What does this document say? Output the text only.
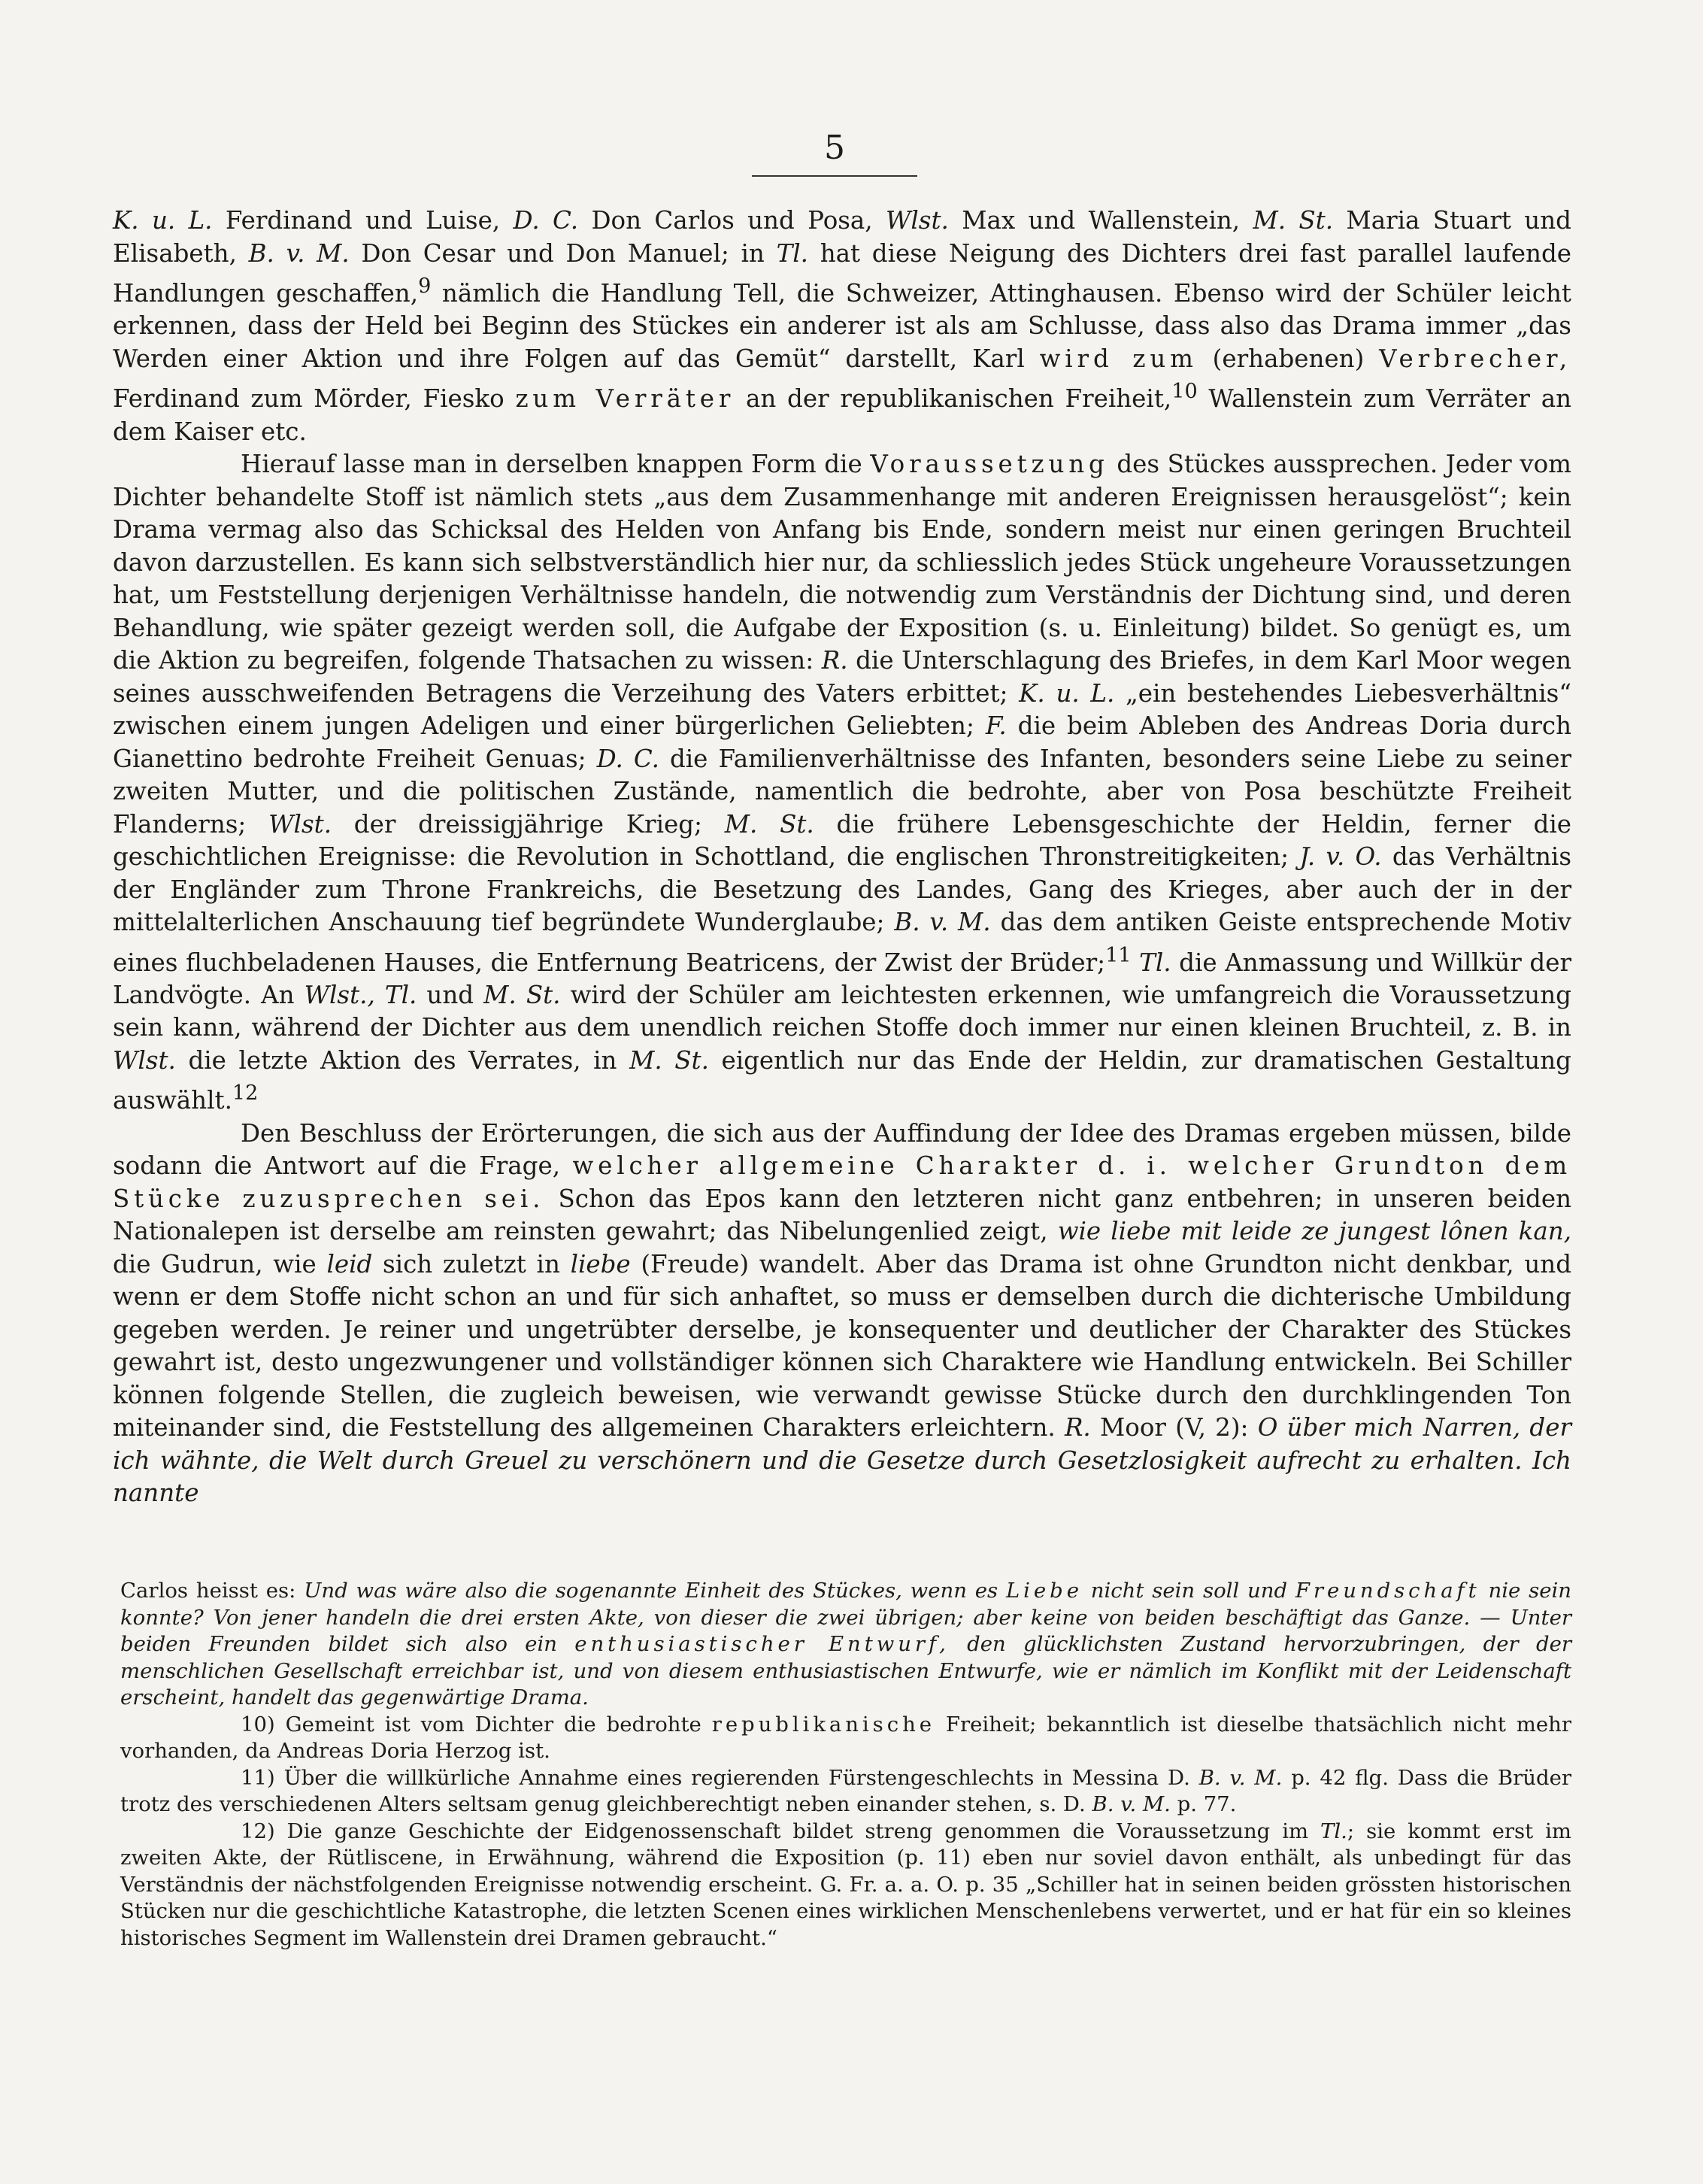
5

K. u. L. Ferdinand und Luise, D. C. Don Carlos und Posa, Wlst. Max und Wallenstein, M. St. Maria Stuart und Elisabeth, B. v. M. Don Cesar und Don Manuel; in Tl. hat diese Neigung des Dichters drei fast parallel laufende Handlungen geschaffen,$^9$ nämlich die Handlung Tell, die Schweizer, Attinghausen. Ebenso wird der Schüler leicht erkennen, dass der Held bei Beginn des Stückes ein anderer ist als am Schlusse, dass also das Drama immer „das Werden einer Aktion und ihre Folgen auf das Gemüt“ darstellt, Karl wird zum (erhabenen) Verbrecher, Ferdinand zum Mörder, Fiesko zum Verräter an der republikanischen Freiheit,$^{10}$ Wallenstein zum Verräter an dem Kaiser etc.

Hierauf lasse man in derselben knappen Form die Voraussetzung des Stückes aussprechen. Jeder vom Dichter behandelte Stoff ist nämlich stets „aus dem Zusammenhange mit anderen Ereignissen herausgelöst“; kein Drama vermag also das Schicksal des Helden von Anfang bis Ende, sondern meist nur einen geringen Bruchteil davon darzustellen. Es kann sich selbstverständlich hier nur, da schliesslich jedes Stück ungeheure Voraussetzungen hat, um Feststellung derjenigen Verhältnisse handeln, die notwendig zum Verständnis der Dichtung sind, und deren Behandlung, wie später gezeigt werden soll, die Aufgabe der Exposition (s. u. Einleitung) bildet. So genügt es, um die Aktion zu begreifen, folgende Thatsachen zu wissen: R. die Unterschlagung des Briefes, in dem Karl Moor wegen seines ausschweifenden Betragens die Verzeihung des Vaters erbittet; K. u. L. „ein bestehendes Liebesverhältnis“ zwischen einem jungen Adeligen und einer bürgerlichen Geliebten; F. die beim Ableben des Andreas Doria durch Gianettino bedrohte Freiheit Genuas; D. C. die Familienverhältnisse des Infanten, besonders seine Liebe zu seiner zweiten Mutter, und die politischen Zustände, namentlich die bedrohte, aber von Posa beschützte Freiheit Flanderns; Wlst. der dreissigjährige Krieg; M. St. die frühere Lebensgeschichte der Heldin, ferner die geschichtlichen Ereignisse: die Revolution in Schottland, die englischen Thronstreitigkeiten; J. v. O. das Verhältnis der Engländer zum Throne Frankreichs, die Besetzung des Landes, Gang des Krieges, aber auch der in der mittelalterlichen Anschauung tief begründete Wunderglaube; B. v. M. das dem antiken Geiste entsprechende Motiv eines fluchbeladenen Hauses, die Entfernung Beatricens, der Zwist der Brüder;$^{11}$ Tl. die Anmassung und Willkür der Landvögte. An Wlst., Tl. und M. St. wird der Schüler am leichtesten erkennen, wie umfangreich die Voraussetzung sein kann, während der Dichter aus dem unendlich reichen Stoffe doch immer nur einen kleinen Bruchteil, z. B. in Wlst. die letzte Aktion des Verrates, in M. St. eigentlich nur das Ende der Heldin, zur dramatischen Gestaltung auswählt.$^{12}$

Den Beschluss der Erörterungen, die sich aus der Auffindung der Idee des Dramas ergeben müssen, bilde sodann die Antwort auf die Frage, welcher allgemeine Charakter d. i. welcher Grundton dem Stücke zuzusprechen sei. Schon das Epos kann den letzteren nicht ganz entbehren; in unseren beiden Nationalepen ist derselbe am reinsten gewahrt; das Nibelungenlied zeigt, wie liebe mit leide ze jungest lônen kan, die Gudrun, wie leid sich zuletzt in liebe (Freude) wandelt. Aber das Drama ist ohne Grundton nicht denkbar, und wenn er dem Stoffe nicht schon an und für sich anhaftet, so muss er demselben durch die dichterische Umbildung gegeben werden. Je reiner und ungetrübter derselbe, je konsequenter und deutlicher der Charakter des Stückes gewahrt ist, desto ungezwungener und vollständiger können sich Charaktere wie Handlung entwickeln. Bei Schiller können folgende Stellen, die zugleich beweisen, wie verwandt gewisse Stücke durch den durchklingenden Ton miteinander sind, die Feststellung des allgemeinen Charakters erleichtern. R. Moor (V, 2): O über mich Narren, der ich wähnte, die Welt durch Greuel zu verschönern und die Gesetze durch Gesetzlosigkeit aufrecht zu erhalten. Ich nannte

Carlos heisst es: Und was wäre also die sogenannte Einheit des Stückes, wenn es Liebe nicht sein soll und Freundschaft nie sein konnte? Von jener handeln die drei ersten Akte, von dieser die zwei übrigen; aber keine von beiden beschäftigt das Ganze. — Unter beiden Freunden bildet sich also ein enthusiastischer Entwurf, den glücklichsten Zustand hervorzubringen, der der menschlichen Gesellschaft erreichbar ist, und von diesem enthusiastischen Entwurfe, wie er nämlich im Konflikt mit der Leidenschaft erscheint, handelt das gegenwärtige Drama.

10) Gemeint ist vom Dichter die bedrohte republikanische Freiheit; bekanntlich ist dieselbe thatsächlich nicht mehr vorhanden, da Andreas Doria Herzog ist.

11) Über die willkürliche Annahme eines regierenden Fürstengeschlechts in Messina D. B. v. M. p. 42 flg. Dass die Brüder trotz des verschiedenen Alters seltsam genug gleichberechtigt neben einander stehen, s. D. B. v. M. p. 77.

12) Die ganze Geschichte der Eidgenossenschaft bildet streng genommen die Voraussetzung im Tl.; sie kommt erst im zweiten Akte, der Rütliscene, in Erwähnung, während die Exposition (p. 11) eben nur soviel davon enthält, als unbedingt für das Verständnis der nächstfolgenden Ereignisse notwendig erscheint. G. Fr. a. a. O. p. 35 „Schiller hat in seinen beiden grössten historischen Stücken nur die geschichtliche Katastrophe, die letzten Scenen eines wirklichen Menschenlebens verwertet, und er hat für ein so kleines historisches Segment im Wallenstein drei Dramen gebraucht.“
